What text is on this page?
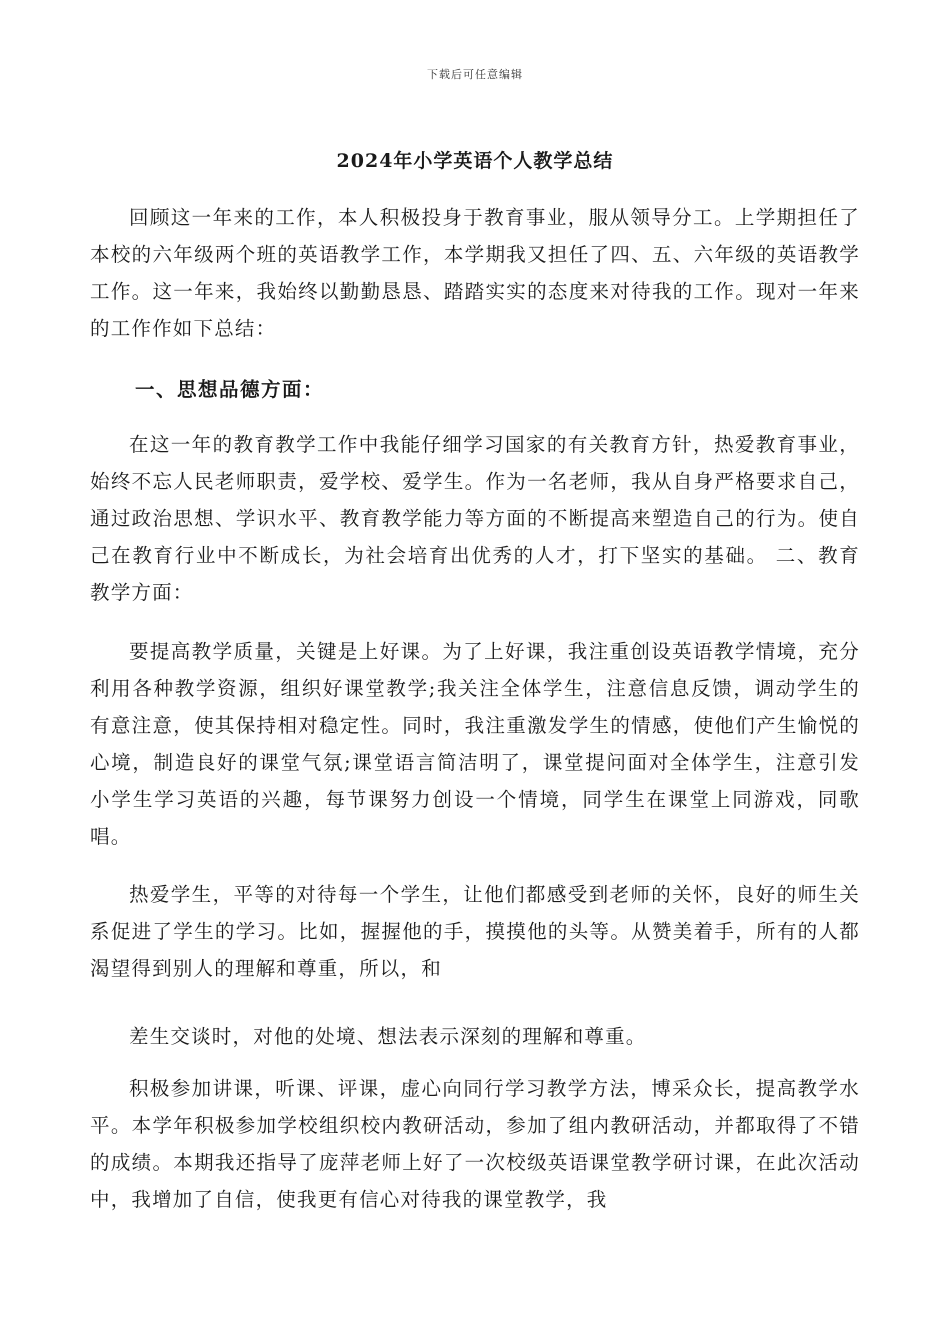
下载后可任意编辑
2024年小学英语个人教学总结
回顾这一年来的工作，本人积极投身于教育事业，服从领导分工。上学期担任了本校的六年级两个班的英语教学工作，本学期我又担任了四、五、六年级的英语教学工作。这一年来，我始终以勤勤恳恳、踏踏实实的态度来对待我的工作。现对一年来的工作作如下总结：
一、思想品德方面：
在这一年的教育教学工作中我能仔细学习国家的有关教育方针，热爱教育事业，始终不忘人民老师职责，爱学校、爱学生。作为一名老师，我从自身严格要求自己，通过政治思想、学识水平、教育教学能力等方面的不断提高来塑造自己的行为。使自己在教育行业中不断成长，为社会培育出优秀的人才，打下坚实的基础。 二、教育教学方面：
要提高教学质量，关键是上好课。为了上好课，我注重创设英语教学情境，充分利用各种教学资源，组织好课堂教学;我关注全体学生，注意信息反馈，调动学生的有意注意，使其保持相对稳定性。同时，我注重激发学生的情感，使他们产生愉悦的心境，制造良好的课堂气氛;课堂语言简洁明了，课堂提问面对全体学生，注意引发小学生学习英语的兴趣，每节课努力创设一个情境，同学生在课堂上同游戏，同歌唱。
热爱学生，平等的对待每一个学生，让他们都感受到老师的关怀，良好的师生关系促进了学生的学习。比如，握握他的手，摸摸他的头等。从赞美着手，所有的人都渴望得到别人的理解和尊重，所以，和
差生交谈时，对他的处境、想法表示深刻的理解和尊重。
积极参加讲课，听课、评课，虚心向同行学习教学方法，博采众长，提高教学水平。本学年积极参加学校组织校内教研活动，参加了组内教研活动，并都取得了不错的成绩。本期我还指导了庞萍老师上好了一次校级英语课堂教学研讨课，在此次活动中，我增加了自信，使我更有信心对待我的课堂教学，我
